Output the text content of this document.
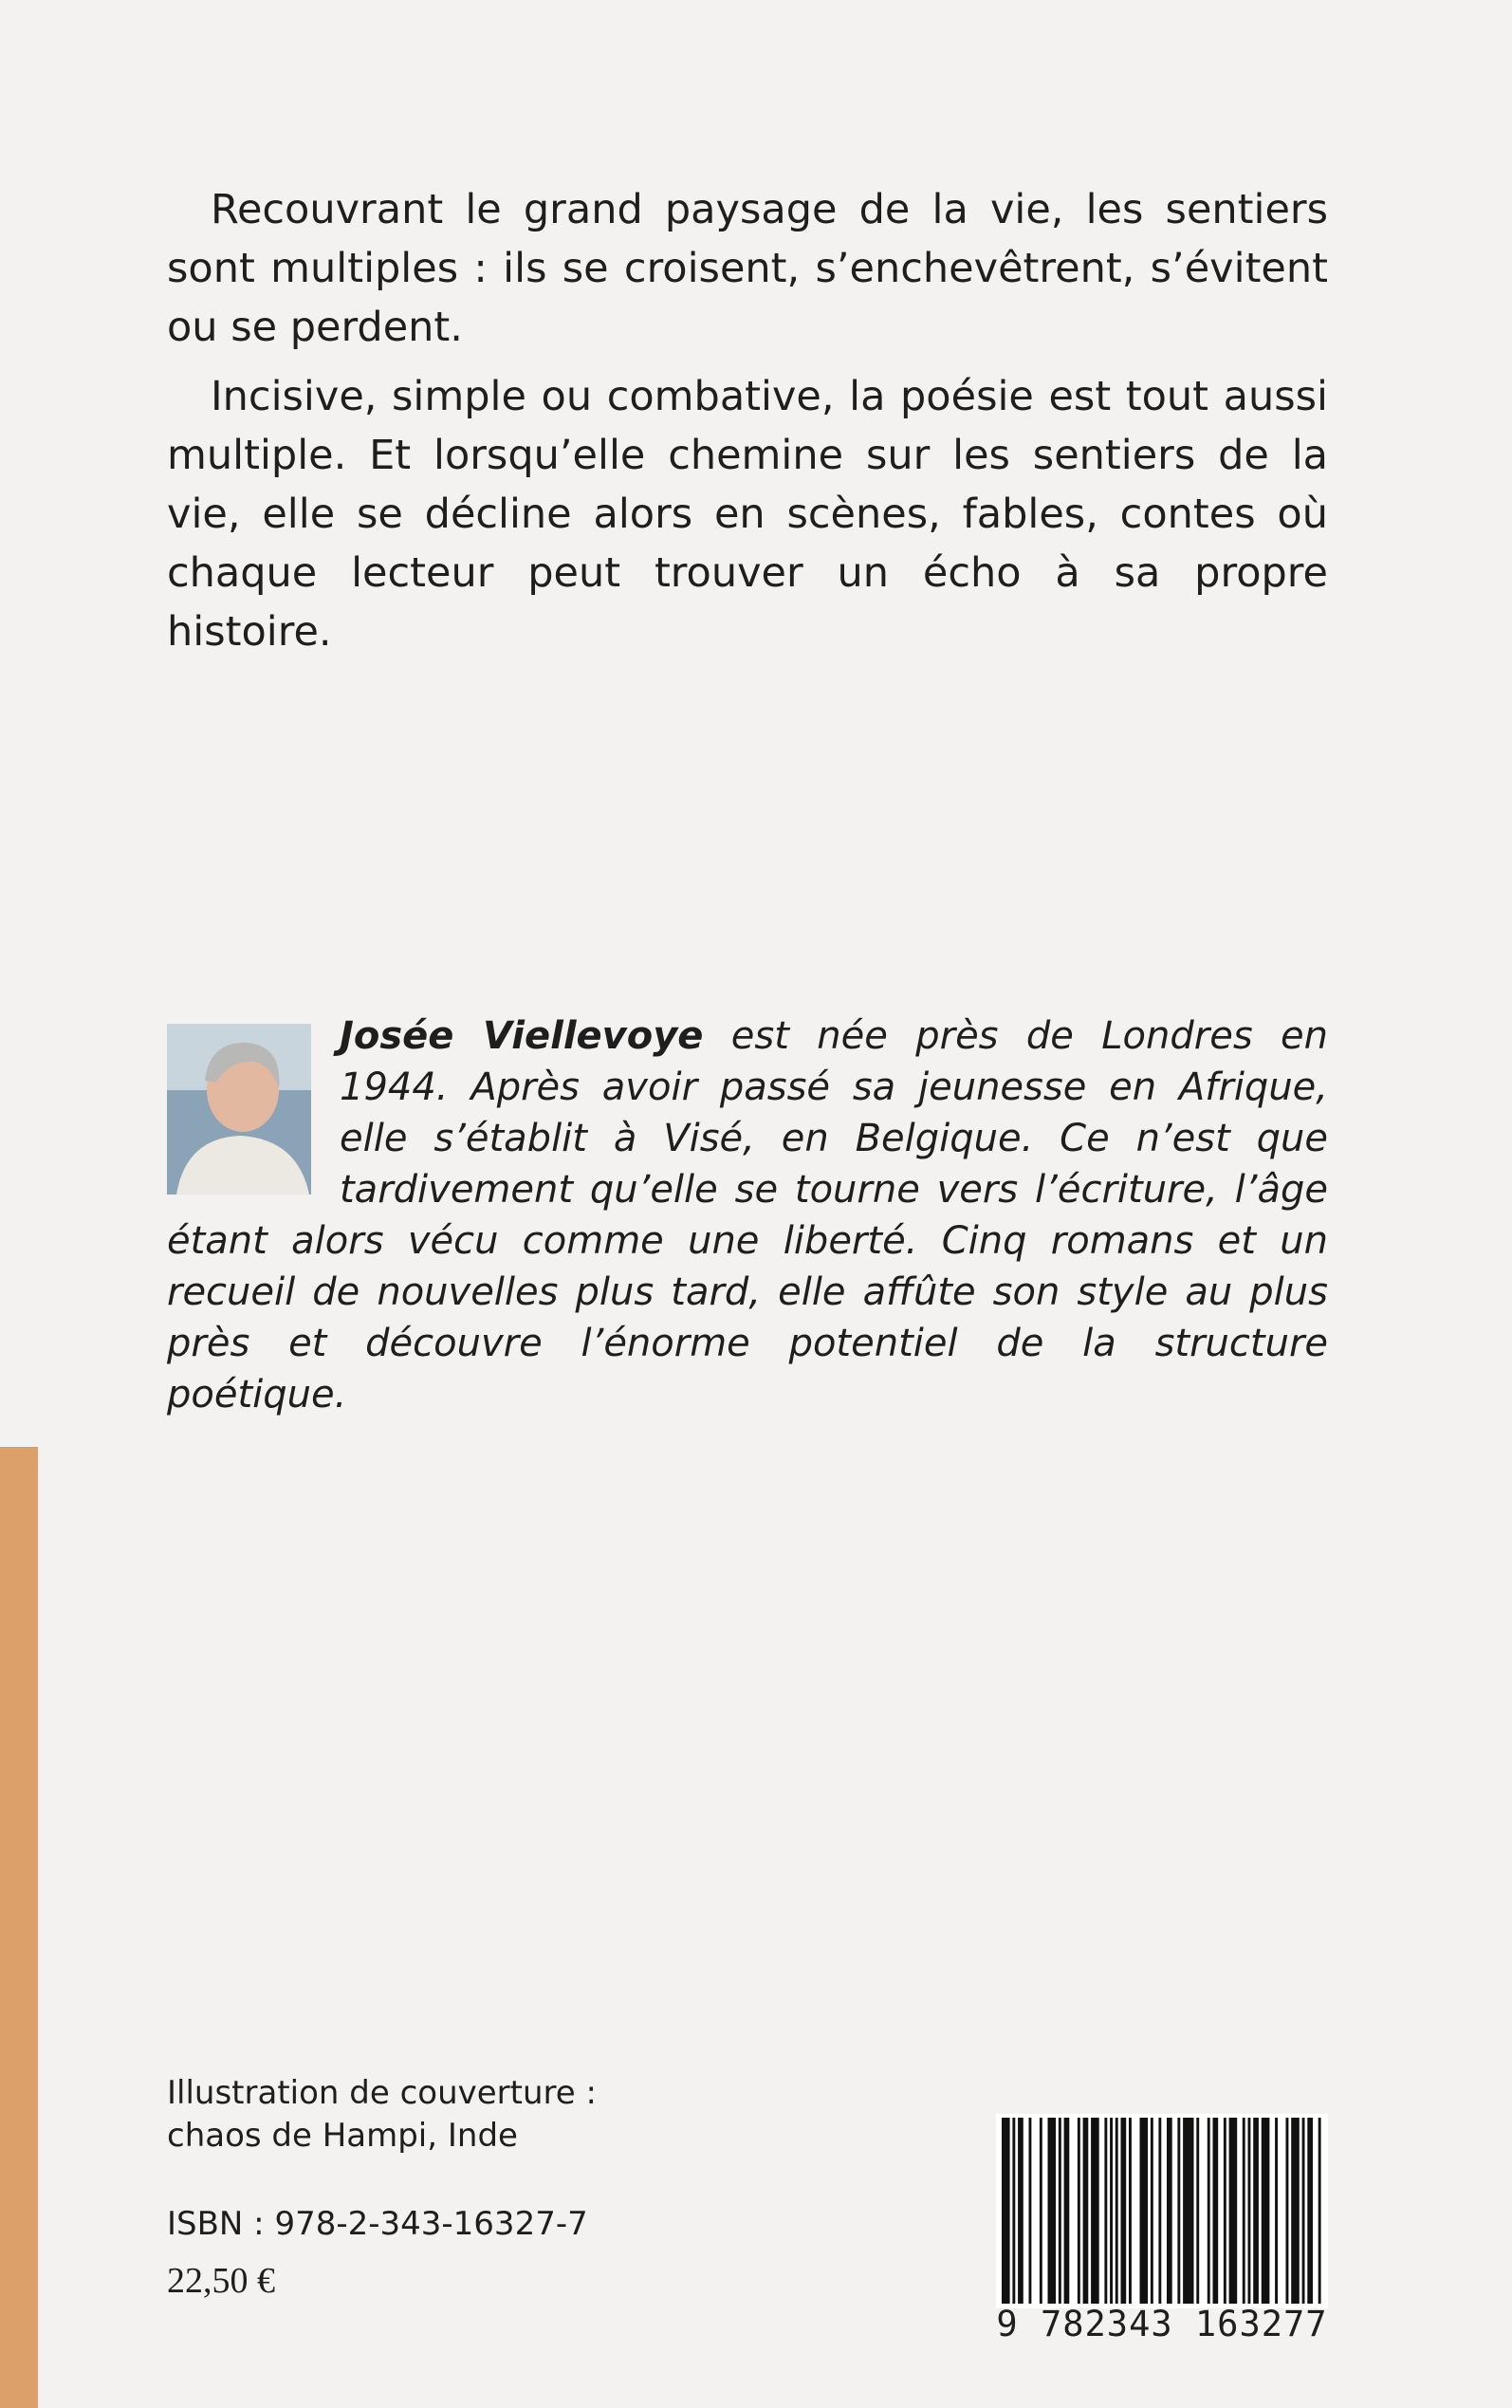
Recouvrant le grand paysage de la vie, les sentiers sont multiples : ils se croisent, s’enchevêtrent, s’évitent ou se perdent.

Incisive, simple ou combative, la poésie est tout aussi multiple. Et lorsqu’elle chemine sur les sentiers de la vie, elle se décline alors en scènes, fables, contes où chaque lecteur peut trouver un écho à sa propre histoire.

Josée Viellevoye est née près de Londres en 1944. Après avoir passé sa jeunesse en Afrique, elle s’établit à Visé, en Belgique. Ce n’est que tardivement qu’elle se tourne vers l’écriture, l’âge étant alors vécu comme une liberté. Cinq romans et un recueil de nouvelles plus tard, elle affûte son style au plus près et découvre l’énorme potentiel de la structure poétique.
Illustration de couverture : chaos de Hampi, Inde
ISBN : 978-2-343-16327-7
22,50 €
9 782343 163277
